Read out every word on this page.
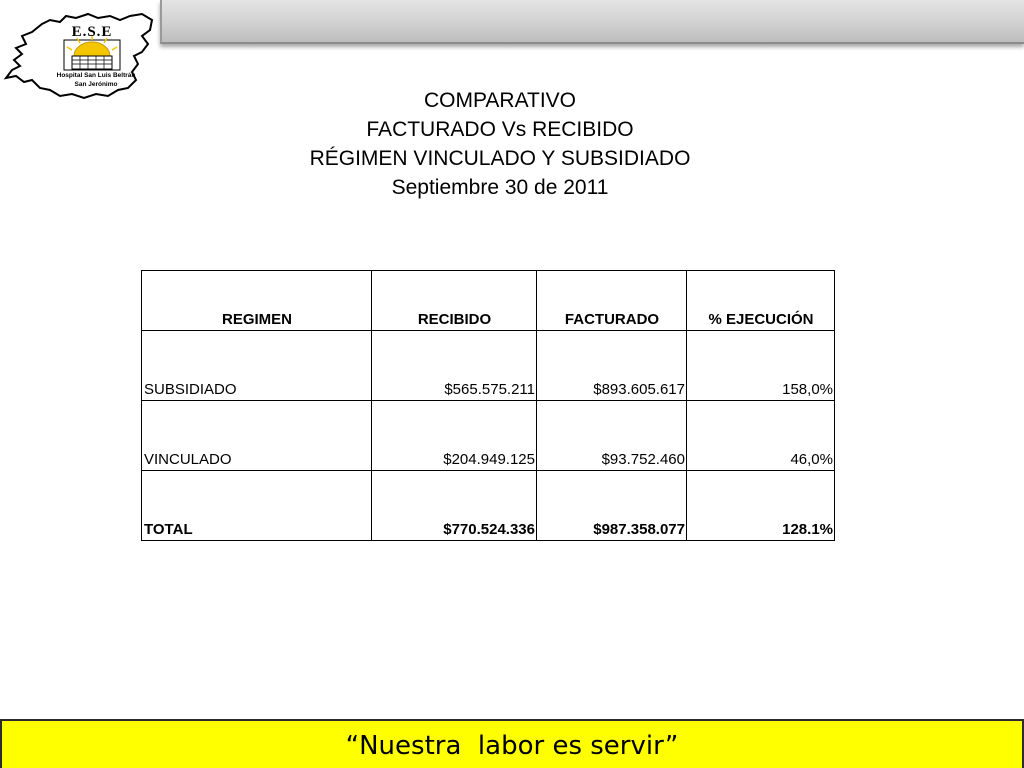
E.S.E
Hospital San Luis Beltrán
San Jerónimo
COMPARATIVO
FACTURADO Vs RECIBIDO
RÉGIMEN VINCULADO Y SUBSIDIADO
Septiembre 30 de 2011
REGIMEN	RECIBIDO	FACTURADO	% EJECUCIÓN
SUBSIDIADO	$565.575.211	$893.605.617	158,0%
VINCULADO	$204.949.125	$93.752.460	46,0%
TOTAL	$770.524.336	$987.358.077	128.1%
“Nuestra  labor es servir”
